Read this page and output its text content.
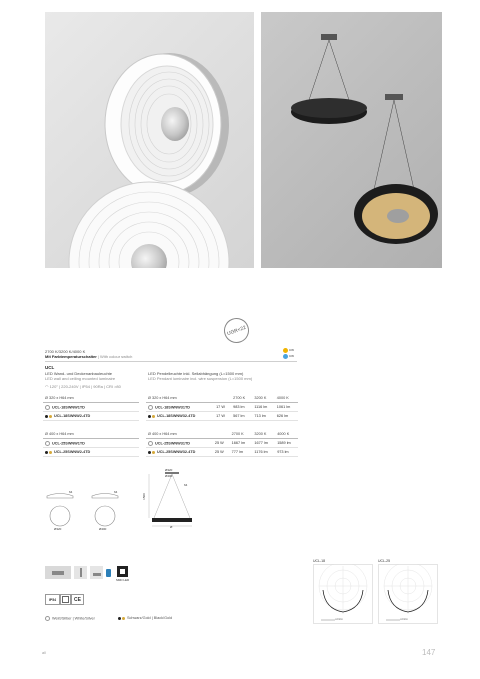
UGR<22
CW
CW
2700 K/3200 K/4000 K
Mit Farbtemperaturschalter | With colour switch
UCL
LED Wand- und Deckenanbauleuchte
LED wall and ceiling mounted luminaire
LED Pendelleuchte inkl. Seilabhängung (L=1500 mm)
LED Pendant luminaire incl. wire suspension (L=1500 mm)
◠ 120° | 220-240V | IP54 | 90Ra | CRI >80
Ø 320 x H64 mm
UCL-18SWNW1TD
UCL-18SWNW2-4TD
Ø 400 x H64 mm
UCL-25SWNW1TD
UCL-25SWNW2-4TD
Ø 320 x H64 mm		2700 K	3200 K	4000 K
UCL-18SWNW31TD	17 W	983 lm	1116 lm	1061 lm
UCL-18SWNW32-4TD	17 W	567 lm	713 lm	626 lm
Ø 400 x H64 mm		2700 K	3200 K	4000 K
UCL-25SWNW31TD	25 W	1667 lm	1677 lm	1589 lm
UCL-25SWNW32-4TD	25 W	777 lm	1176 lm	973 lm
Ø320
Ø400
1500
64
Ø
64
Ø320
64
Ø400
UCL-18
cd/klm
UCL-25
cd/klm
SMD LED
IP54	CE
Weiß/Silber | White/Silver	Schwarz/Gold | Black/Gold
all	147
